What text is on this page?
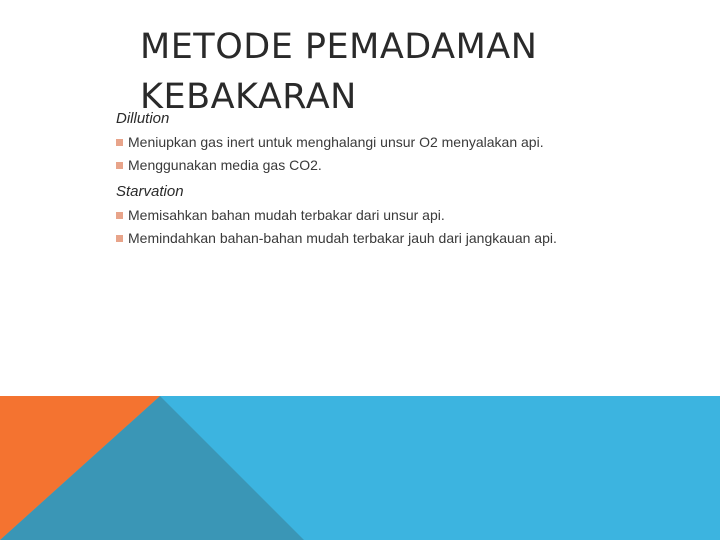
METODE PEMADAMAN
KEBAKARAN

Dillution

Meniupkan gas inert untuk menghalangi unsur O2 menyalakan api.
Menggunakan media gas CO2.

Starvation

Memisahkan bahan mudah terbakar dari unsur api.
Memindahkan bahan-bahan mudah terbakar jauh dari jangkauan api.
